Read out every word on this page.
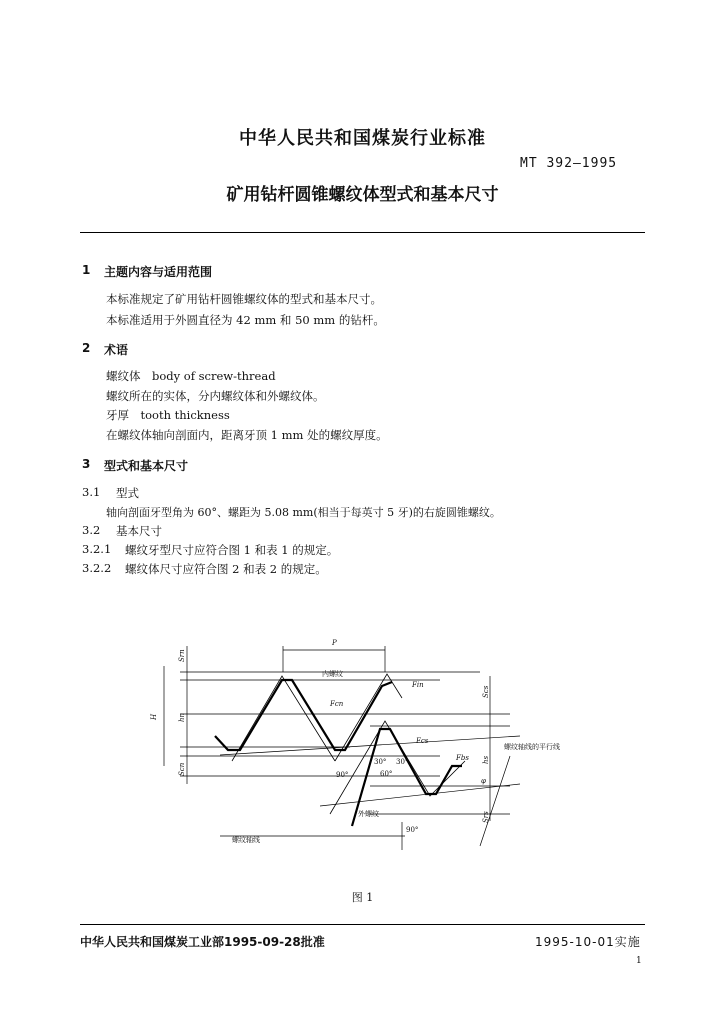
中华人民共和国煤炭行业标准
MT 392—1995
矿用钻杆圆锥螺纹体型式和基本尺寸
1 主题内容与适用范围
本标准规定了矿用钻杆圆锥螺纹体的型式和基本尺寸。
本标准适用于外圆直径为 42 mm 和 50 mm 的钻杆。
2 术语
螺纹体　body of screw-thread
螺纹所在的实体，分内螺纹体和外螺纹体。
牙厚　tooth thickness
在螺纹体轴向剖面内，距离牙顶 1 mm 处的螺纹厚度。
3 型式和基本尺寸
3.1 型式
轴向剖面牙型角为 60°、螺距为 5.08 mm(相当于每英寸 5 牙)的右旋圆锥螺纹。
3.2 基本尺寸
3.2.1 螺纹牙型尺寸应符合图 1 和表 1 的规定。
3.2.2 螺纹体尺寸应符合图 2 和表 2 的规定。
P
内螺纹
Fin
Fcn
Fcs
Fbs
30° 30°
60°
90°
90°
φ
外螺纹
螺纹轴线
螺纹轴线的平行线
Srn
H	hn
Scn
Scs
hs
Srs
图 1
中华人民共和国煤炭工业部1995-09-28批准	1995-10-01实施
1
